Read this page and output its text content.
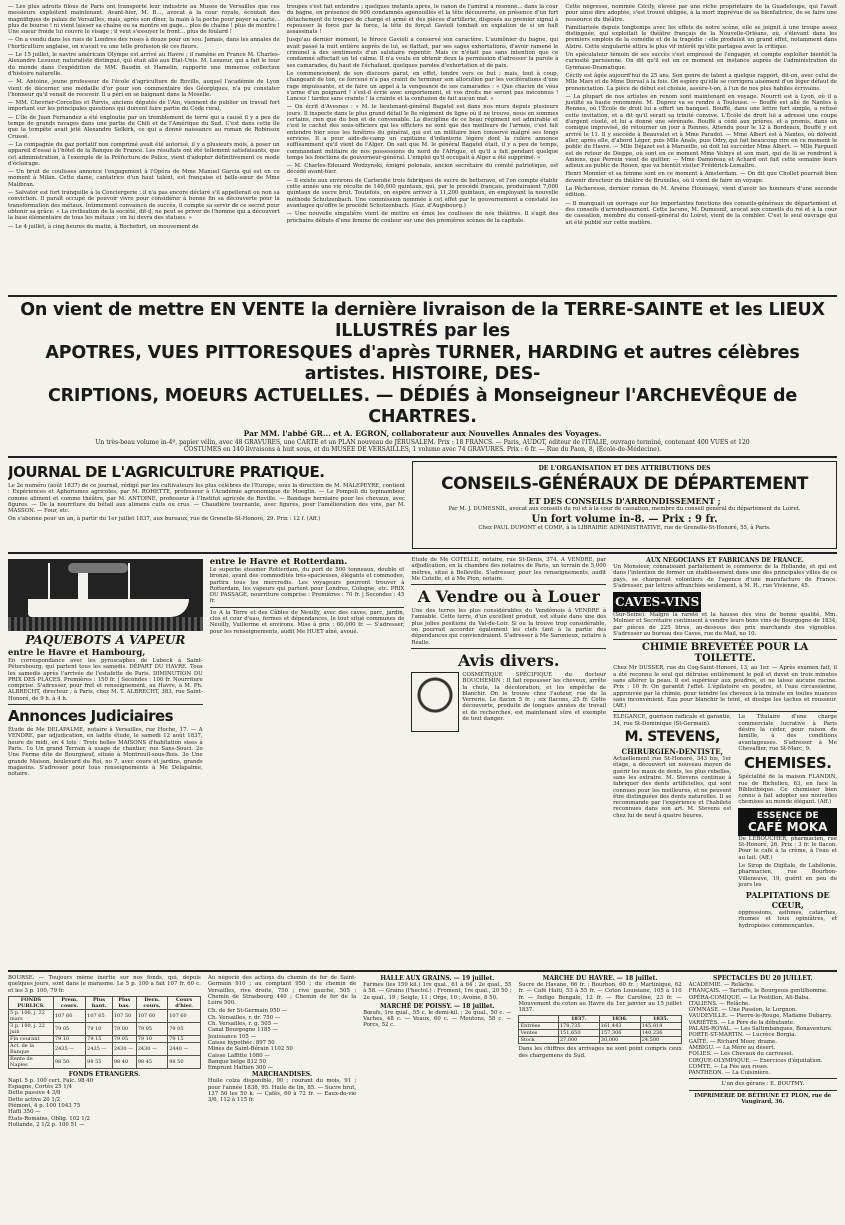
— Les plus adroits filous de Paris ont transporté leur industrie au Musée de Versailles que ces messieurs exploitent maintenant. Avant-hier, M. B..., avocat à la cour royale, écoutait des magnifiques de palais de Versailles, mais, après son dîner, la main à la poche pour payer sa carte... plus de bourse ! ni vient laisser sa chaîne ou sa montre en gage... plus de chaîne ! plus de montre ! Une sueur froide lui couvre le visage ; il veut s'essuyer le front... plus de foulard !

— On a vendu dans les rues de Londres des roses à douze pour un sou. Jamais, dans les annales de l'horticulture anglaise, on n'avait vu une telle profusion de ces fleurs.

— Le 15 juillet, le navire américain Olympe est arrivé au Havre ; il ramène en France M. Charles-Alexandre Lesueur, naturaliste distingué, qui était allé aux Etat-Unis. M. Lesueur, qui a fait le tour du monde dans l'expédition de MM. Baudin et Hamelin, rapporte une immense collection d'histoire naturelle.

— M. Antoine, jeune professeur de l'école d'agriculture de Roville, auquel l'académie de Lyon vient de décerner une médaille d'or pour son commentaire des Géorgiques, n'a pu constater l'honneur qu'il venait de recevoir. Il a péri en se baignant dans la Moselle.

— MM. Chevrier-Corcelles et Parvis, anciens députés de l'Ain, viennent de publier un travail fort important sur les principales questions qui doivent faire partie du Code rural.

— L'île de Juan Fernandez a été engloutie par un tremblement de terre qui a causé il y a peu de temps de grands ravages dans une partie du Chili et de l'Amérique du Sud. C'est dans cette île que la tempête avait jeté Alexandre Selkirk, ce qui a donné naissance au roman de Robinson Crusoé.

— La compagnie du gaz portatif non comprimé avait été autorisé, il y a plusieurs mois, à poser un appareil d'essai à l'hôtel de la Banque de France. Les résultats ont été tellement satisfaisants, que cet administration, à l'exemple de la Préfecture de Police, vient d'adopter définitivement ce mode d'éclairage.

— Un bruit de coulisses annonce l'engagement à l'Opéra de Mme Manuel Garcia qui est en ce moment à Milan. Cette dame, cantatrice d'un haut talent, est française et belle-sœur de Mme Malibran.

— Salvator est fort tranquille à la Conciergerie ; il n'a pas encore déclaré s'il appellerait ou non sa conviction. Il paraît occupé de pouvoir vivre pour considérer à bonne fin sa découverte pour la transformation des métaux. Intimement convaincu de succès, il compte sa servir de ce secret pour obtenir sa grâce. « La civilisation de la société, dit-il, ne peut se priver de l'homme qui a découvert la base élémentaire de tous les métaux ; on lui devra des statues. »

— Le 4 juillet, à cinq heures du matin, à Rochefort, un mouvement de

troupes s'est fait entendre ; quelques instants après, le canon de l'amiral a résonné... dans la cour du bagne, en présence de 900 condamnés agenouillés et la tête découverte, en présence d'un fort détachement de troupes de chargé et armé et des pièces d'artillerie, disposés au premier signal à repousser la force par la force, la tête du forçat Gavioli tombait en expiation de si un halt assassinats !

Jusqu'au dernier moment, le féroce Gavioli a conservé son caractère. L'aumônier du bagne, qui avait passé la nuit entière auprès de lui, se flattait, par ses sages exhortations, d'avoir ramené le criminel à des sentiments d'un salutaire repentir. Mais ce n'était pas sans intention que ce condamné affectait un tel calme. Il n'a voulu en obtenir deux la permission d'adresser la parole à ses camarades, du haut de l'échafaud, quelques paroles d'exhortation et de paix.

Le commencement de son discours parut, en effet, tendre vers ce but ; mais, tout à coup, changeant de ton, ce forcené n'a pas craint de terminer son allocution par les vociférations d'une rage impuissante, et de faire un appel à la vengeance de ses camarades : « Que chacun de vous s'arme d'un poignard ! s'est-il écrié avec emportement, et vos droits me seront pas méconnus ! Lancez ! tardez sans crainte ! la crainte et la confusion de fait aucun mal. »

— On écrit d'Avesnes : « M. le lieutenant-général Bagatel est dans nos murs depuis plusieurs jours. Il inspecte dans le plus grand détail le 8e régiment de ligne où il ne trouve, nous en sommes certains, rien que du bon et de convenable. La discipline de ce beau régiment est admirable et c'est le cachet des sous-officiers qui les officiers ne sont que des meilleurs de l'armée, c'est fait entendre hier sous les fenêtres du général, qui est un militaire bien conservé malgré ses longs services. Il a pour aide-de-camp un capitaine d'infanterie légère dont la colère annonce suffisamment qu'il vient de l'Alger. On sait que M. le général Bagatel était, il y a peu de temps, commandant militaire de nos possessions du nord de l'Afrique, et qu'il a fait pendant quelque temps les fonctions de gouverneur-général. L'emploi qu'il occupait à Alger a été supprimé. »

— M. Charles-Edouard Wodzynski, émigré polonais, ancien secrétaire du comité patriotique, est décédé avant-hier.

— Il existe aux environs de Carlsruhe trois fabriques de sucre de betterave, et l'on compte établir cette année une vie récolte de 140,000 quintaux, qui, par le procédé français, produiraient 7,000 quintaux de sucre brut. Toutefois, on espère arriver à 11,200 quintaux, en employant la nouvelle méthode Schutzenbach. Une commission nommée à cet effet par le gouvernement a constaté les avantages qu'offre le procédé Schutzenbach. (Gaz. d'Augsbourg.)

— Une nouvelle singulière vient de mettre en émoi les coulisses de nos théâtres. Il s'agit des prochains débuts d'une femme de couleur sur une des premières scènes de la capitale.

Cette négresse, nommée Cécily, élevée par une riche propriétaire de la Guadeloupe, qui l'avait pour ainsi dire adoptée, s'est trouvé obligée, à la mort imprévue de sa bienfaitrice, de se faire une ressource du théâtre.

Familiarisée depuis longtemps avec les effets de notre scène, elle se joignit à une troupe assez distinguée, qui exploitait le théâtre français de la Nouvelle-Orléans, où, s'élevant dans les premiers emplois de la comédie et de la tragédie : elle produisit un grand effet, notamment dans Alzire. Cette singularité attira le plus vif intérêt qu'elle partagea avec la critique.

Un spéculateur témoin de ses succès s'est empressé de l'engager, et compte exploiter bientôt la curiosité parisienne. On dit qu'il est en ce moment en instance auprès de l'administration du Gymnase-Dramatique.

Cécily est âgée aujourd'hui de 25 ans. Son genre de talent a quelque rapport, dit-on, avec celui de Mlle Mars et de Mme Dorval à la fois. On espère qu'elle se corrigera aisément d'un léger défaut de prononciation. La pièce de début est choisie, assure-t-on, à l'un de nos plus habiles écrivains.

— La plupart de nos artistes en renom sont maintenant en voyage. Nourrit est à Lyon, où il a justifié sa haute renommée. M. Duprez va se rendre à Toulouse. — Bouffé est allé de Nantes à Rennes, où l'École de droit lui a offert un banquet. Bouffé, dans une lettre fort simple, a refusé cette invitation, et a dit qu'il serait sa trinité convive. L'École de droit lui a adressé une coupe d'argent ciselé, et lui a donné une sérénade. Bouffé a cédé aux prières, et a promis, dans un comique improvisé, de retourner un jour à Rennes. Attendu pour le 12 à Bordeaux, Bouffé y est arrivé le 11. Il y succède à Beauvalet et à Mme Paradol. — Mme Albert est à Nantes, où doivent aller, après elle, d'abord Léger, puis Mlle Anaïs, puis Odry, qui fait beaucoup rire en ce moment le public du Havre. — Mlle Déjazet est à Marseille, où doit lui succéder Mme Albert. — Mlle Fargueil est de retour de Dieppe, où sont en ce moment Mme Volnys et son mari, qui de là se rendront à Amiens, que Perrein vient de quitter. — Mme Damoreau et Achard ont fait cette semaine leurs adieux au public de Rouen, que va bientôt visiter Frédérick-Lemaître.

Henri Monnier et sa femme sont en ce moment à Amsterdam. — On dit que Chollet pourrait bien devenir directeur du théâtre de Bruxelles, où il vient de faire un voyage.

La Pêcheresse, dernier roman de M. Arsène Houssaye, vient d'avoir les honneurs d'une seconde édition.

— Il manquait un ouvrage sur les importantes fonctions des conseils-généraux de département et des conseils d'arrondissement. Cette lacune, M. Dumesnil, avocat aux conseils du roi et à la cour de cassation, membre du conseil-général du Loiret, vient de la combler. C'est le seul ouvrage qui ait été publié sur cette matière.

On vient de mettre EN VENTE la dernière livraison de la TERRE-SAINTE et les LIEUX ILLUSTRÉS par les
APOTRES, VUES PITTORESQUES d'après TURNER, HARDING et autres célèbres artistes. HISTOIRE, DES-
CRIPTIONS, MOEURS ACTUELLES. — DÉDIÉS à Monseigneur l'ARCHEVÊQUE de CHARTRES.
Par MM. l'abbé GR... et A. EGRON, collaborateur aux Nouvelles Annales des Voyages.
Un très-beau volume in-4º, papier vélin, avec 48 GRAVURES, une CARTE et un PLAN nouveau de JÉRUSALEM. Prix : 18 FRANCS. — Paris, AUDOT, éditeur de l'ITALIE, ouvrage terminé, contenant 400 VUES et 120
COSTUMES en 140 livraisons à huit sous, et du MUSÉE DE VERSAILLES, 1 volume avec 74 GRAVURES. Prix : 6 fr. — Rue du Paon, 8, (École-de-Médecine).
JOURNAL DE L'AGRICULTURE PRATIQUE.

Le 2e numéro (août 1837) de ce journal, rédigé par les cultivateurs les plus célèbres de l'Europe, sous la direction de M. MALEPEYRE, contient : Expériences et Aphorismes agricoles, par M. ROHETTE, professeur à l'Académie agronomique de Moeglin. — Le Pompoli du topinambour comme aliment et comme théâtre, par M. ANTOINE, professeur à l'Institut agricole de Roville. — Bandage herniaire pour les chevaux, avec figures. — De la nourriture du bétail aux alimens cuits ou crus. — Chaudière tournante, avec figures, pour l'amélioration des vins, par M. MASSON. — Four, etc.

On s'abonne pour un an, à partir du 1er juillet 1837, aux bureaux, rue de Grenelle-St-Honoré, 29. Prix : 12 f. (Aff.)

DE L'ORGANISATION ET DES ATTRIBUTIONS DES
CONSEILS-GÉNÉRAUX DE DÉPARTEMENT
ET DES CONSEILS D'ARRONDISSEMENT ;
Par M. J. DUMESNIL, avocat aux conseils du roi et à la cour de cassation, membre du conseil général du département du Loiret.
Un fort volume in-8. — Prix : 9 fr.
Chez PAUL DUPONT et COMP., à la LIBRAIRIE ADMINISTRATIVE, rue de Grenelle-St-Honoré, 55, à Paris.
PAQUEBOTS A VAPEUR
entre le Havre et Hambourg,

En correspondance avec les pyroscaphes de Lubeck à Saint-Pétersbourg, qui partent tous les samedis. DÉPART DU HAVRE. Tous les samedis après l'arrivée de l'estafette de Paris. DIMINUTION DU PRIX DES PLACES. Premières : 150 fr. | Secondes : 100 fr. Nourriture comprise. S'adresser, pour fret et renseignement, au Havre, à M. Ph. ALBRECHT, directeur ; à Paris, chez M. T. ALBRECHT, 383, rue Saint-Honoré, de 9 h. à 4 h.

Annonces Judiciaires

Étude de Me DELAPALME, notaire à Versailles, rue Hoche, 17. — A VENDRE, par adjudication, en ladite étude, le samedi 12 août 1837, heure de midi, en 4 lots : Trois belles MAISONS d'habitation sises à Paris. 1o Un grand Terrain à usage de chantier, rue Sans-Souci. 2o Une Ferme dite de Bourgneuf, située à Montreuil-sous-Bois. 3o Une grande Maison, boulevard du Roi, no 7, avec cours et jardins, grands magasins. S'adresser pour tous renseignements à Me Delapalme, notaire.

entre le Havre et Rotterdam.

Le superbe steamer Rotterdam, du port de 500 tonneaux, double et bronzé, ayant des commodités très-spacieuses, élégants et commodes, partira tous les mercredis. Les voyageurs pourront trouver à Rotterdam, les vapeurs qui partent pour Londres, Cologne, etc. PRIX DU PASSAGE, nourriture comprise : Premières : 70 fr. | Secondes : 45 fr.

1o A la Terre et des Câbles de Neuilly, avec des caves, parc, jardin, clos et cour d'eau, fermes et dépendances, le tout situé communes de Neuilly, Vuillerme et environs. Mise à prix : 60,000 fr. — S'adresser, pour les renseignements, audit Me HUET aîné, avoué.

Étude de Me COTELLE, notaire, rue St-Denis, 374. A VENDRE, par adjudication, en la chambre des notaires de Paris, un terrain de 5,000 mètres, situé à Belleville. S'adresser, pour les renseignements, audit Me Cotelle, et à Me Pion, notaire.

A Vendre ou à Louer

Une des terres les plus considérables du Vendômois à VENDRE à l'amiable. Cette terre, d'un excellent produit, est située dans une des plus jolies positions du Val-de-Loir. Si ou la trouve trop considérable, on pourrait accorder également les clefs tant à la partie des dépendances qui conviendraient. S'adresser à Me Saronieux, notaire à Réalle.

Avis divers.

COSMÉTIQUE SPÉCIFIQUE du docteur BOUCHEMIN : Il fait repousser les cheveux, arrête la chute, la décoloration, et les empêche de blanchir. On le trouve chez l'auteur, rue de la Verrerie. Le flacon 5 fr. ; six flacons, 25 fr. Cette découverte, produite de longues années de travail et de recherches, est maintenant sûre et exempte de tout danger.

AUX NÉGOCIANS ET FABRICANS DE FRANCE.

Un Monsieur, connaissant parfaitement le commerce de la Hollande, et qui est dans l'intention de former un établissement dans une des principales villes de ce pays, se chargerait volontiers de l'agence d'une manufacture de France. S'adresser, par lettres affranchies seulement, à M. H., rue Vivienne, 45.

CAVES-VINS

(Sur-Seine). Malgré la rareté et la hausse des vins de bonne qualité, Mm. Molnier et Secrétaire continuent à vendre leurs bons vins de Bourgogne de 1834, par pièces de 225 litres, au-dessous des prix marchands des vignobles. S'adresser au bureau des Caves, rue du Mail, no 10.

CHIMIE BREVETÉE POUR LA TOILETTE.

Chez Mr DUSSER, rue du Coq-Saint-Honoré, 13, au 1er. — Après examen fait, il a été reconnu le seul qui détruise entièrement le poil et duvet en trois minutes sans altérer la peau. Il est supérieur aux poudres, et ne laisse aucune racine. Prix : 10 fr. On garantit l'effet. L'épilatoire en poudre, et l'eau circassienne, approuvée par la chimie, pour teindre les cheveux à la minute en toutes nuances sans inconvénient. Eau pour blanchir le teint, et dissipe les taches et rousseur. (Aff.)

ÉLEGANCE, guérison radicale et garantie, 34, rue St-Dominique (St-Germain).

M. STEVENS,
CHIRURGIEN-DENTISTE,

Actuellement rue St-Honoré, 343 bis, 1er étage, a découvert un nouveau moyen de guérir les maux de dents, les plus rebelles, sans les extraire. M. Stevens continue à fabriquer des dents artificielles, qui sont connues pour les meilleures, et ne peuvent être distinguées des dents naturelles. Il se recommande par l'expérience et l'habileté reconnues dans son art. M. Stevens est chez lui de neuf à quatre heures.

Le Titulaire d'une charge commerciale lucrative à Paris désire la céder, pour raison de famille, à des conditions avantageuses. S'adresser à Me Chevallier, rue St-Marc, 9.

CHEMISES.

Spécialité de la maison FLANDIN, rue de Richelieu, 63, en face la Bibliothèque. Ce chemisier bien connu à fait adopter ses nouvelles chemises au monde élégant. (Aff.)

ESSENCE DE
CAFÉ MOKA

De LEBOUCHER, pharmacien, rue St-Honoré, 26. Prix : 3 fr. le flacon. Pour le café à la crème, à l'eau et au lait. (Aff.)

Le Sirop de Digitale, de Labélonie, pharmacien, rue Bourbon-Villeneuve, 19, guérit en peu de jours les

PALPITATIONS DE CŒUR,

oppressions, asthmes, catarrhes, rhumes et toux opiniâtres, et hydropisies commençantes.

BOURSE. — Toujours même inertie sur nos fonds, qui, depuis quelques jours, sont dans le marasme. Le 5 p. 100 a fait 107 fr. 60 c. et les 3 p. 100, 79 fr.

FONDS PUBLICS.	Prem. cours.	Plus haut.	Plus bas.	Dern. cours.	Cours d'hier.
5 p. 100, j. 22 mars	107 60	107 65	107 50	107 60	107 60
3 p. 100, j. 22 juin	79 05	79 10	79 00	79 05	79 05
Fin courant	79 10	79 15	79 05	79 10	79 15
Act. de la Banque	2435 —	2435 —	2430 —	2430 —	2440 —
Rente de Naples	98 50	98 55	98 40	98 45	98 50
FONDS ÉTRANGERS.
Napl. 5 p. 100 cert. Falc. 98 40
Espagne, Cortès 25 1/4
Dette passive 4 3/8
Dette active 20 1/2
Piémont, 4 p. 100 1043 75
Haïti 350 —
États-Romains, Oblig. 102 1/2
Hollande, 2 1/2 p. 100 51 —

Au négocié des actions du chemin de fer de Saint-Germain 910 ; au comptant 950 ; du chemin de Versailles, rive droite, 750 ; rive gauche, 505 ; Chemin de Strasbourg 440 ; Chemin de fer de la Loire 500.

Ch. de fer St-Germain 950 —
Ch. Versailles, r. dr. 750 —
Ch. Versailles, r. g. 505 —
Canal Bourgogne 1185 —
Jouissance 105 —
Caisse hypothéc. 897 50
Mines de Saint-Bérain 1102 50
Caisse Laffitte 1080 —
Banque belge 812 50
Emprunt Haïtien 300 —
MARCHANDISES.

Huile colza disponible, 90 ; courant du mois, 91 ; pour l'année 1838, 95. Huile de lin, 85. — Sucre brut, 137 50 les 50 k. — Cafés, 60 à 72 fr. — Eaux-de-vie 3/6, 112 à 115 fr.

HALLE AUX GRAINS. — 19 juillet.

Farines (les 159 kil.) 1re qual., 61 à 64 ; 2e qual., 55 à 58. — Grains (l'hectol.) : Froment, 1re qual., 20 50 ; 2e qual., 19 ; Seigle, 11 ; Orge, 10 ; Avoine, 8 50.

MARCHÉ DE POISSY. — 18 juillet.

Bœufs, 1re qual., 55 c. le demi-kil. ; 2e qual., 50 c. — Vaches, 48 c. — Veaux, 60 c. — Moutons, 58 c. — Porcs, 52 c.

MARCHÉ DU HAVRE. — 18 juillet.

Sucre de Havane, 66 fr. ; Bourbon, 60 fr. ; Martinique, 62 fr. — Café Haïti, 53 à 55 fr. — Coton Louisiane, 105 à 110 fr. — Indigo Bengale, 12 fr. — Riz Caroline, 23 fr. — Mouvement du coton au Havre du 1er janvier au 15 juillet 1837.

	1837.	1836.	1835.
Entrées	178,735	161,443	145,818
Ventes	151,650	157,306	140,236
Stock	27,000	30,000	24,500

Dans les chiffres des arrivages ne sont point compris ceux des chargemens du Sud.

SPECTACLES DU 20 JUILLET.
ACADÉMIE. — Relâche.
FRANÇAIS. — Tartuffe, le Bourgeois gentilhomme.
OPÉRA-COMIQUE. — Le Postillon, Ali-Baba.
ITALIENS. — Relâche.
GYMNASE. — Une Passion, le Lorgnon.
VAUDEVILLE. — Pierre-le-Rouge, Madame Dubarry.
VARIÉTÉS. — Le Père de la débutante.
PALAIS-ROYAL. — Les Saltimbanques, Bonaventure.
PORTE-ST-MARTIN. — Lucrèce Borgia.
GAÎTÉ. — Richard Moor, drame.
AMBIGU. — La Mère au désert.
FOLIES. — Les Chevaux du carrousel.
CIRQUE-OLYMPIQUE. — Exercices d'équitation.
COMTE. — La Fée aux roses.
PANTHÉON. — La Cuisinière.

L'un des gérans : E. BOUTMY.

IMPRIMERIE DE BÉTHUNE ET PLON, rue de Vaugirard, 36.
